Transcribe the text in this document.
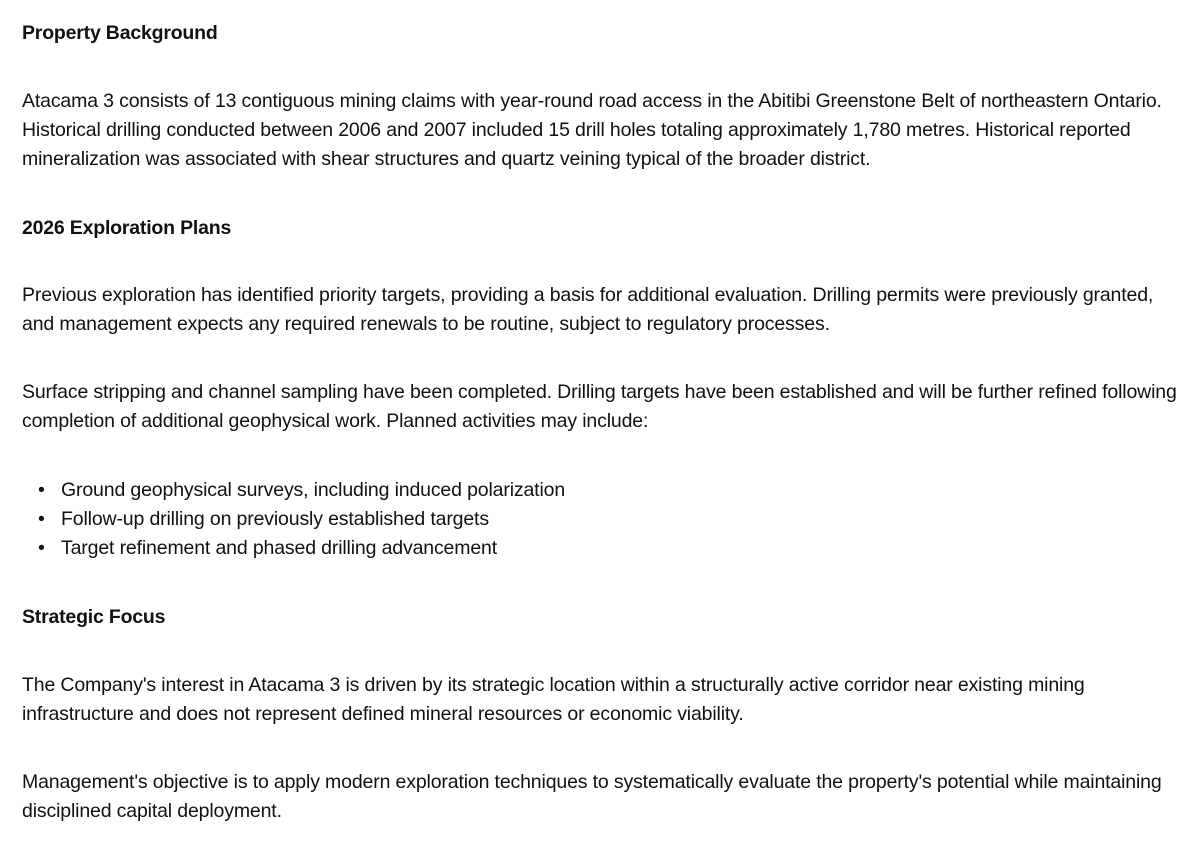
Property Background

Atacama 3 consists of 13 contiguous mining claims with year-round road access in the Abitibi Greenstone Belt of northeastern Ontario. Historical drilling conducted between 2006 and 2007 included 15 drill holes totaling approximately 1,780 metres. Historical reported mineralization was associated with shear structures and quartz veining typical of the broader district.

2026 Exploration Plans

Previous exploration has identified priority targets, providing a basis for additional evaluation. Drilling permits were previously granted, and management expects any required renewals to be routine, subject to regulatory processes.

Surface stripping and channel sampling have been completed. Drilling targets have been established and will be further refined following completion of additional geophysical work. Planned activities may include:

• Ground geophysical surveys, including induced polarization
• Follow-up drilling on previously established targets
• Target refinement and phased drilling advancement
Strategic Focus

The Company's interest in Atacama 3 is driven by its strategic location within a structurally active corridor near existing mining infrastructure and does not represent defined mineral resources or economic viability.

Management's objective is to apply modern exploration techniques to systematically evaluate the property's potential while maintaining disciplined capital deployment.
